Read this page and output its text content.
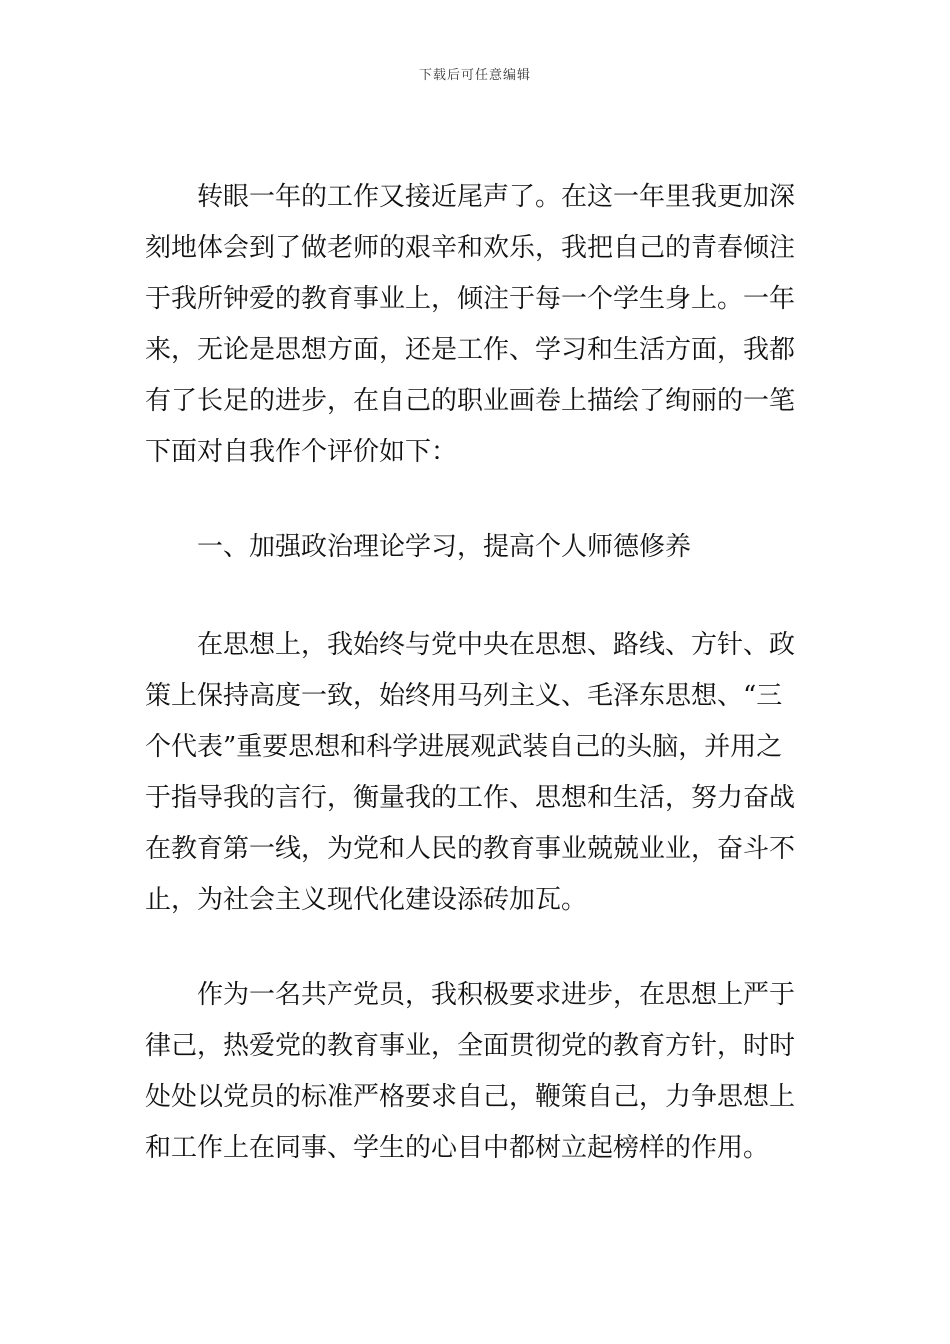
下载后可任意编辑
转眼一年的工作又接近尾声了。在这一年里我更加深
刻地体会到了做老师的艰辛和欢乐，我把自己的青春倾注
于我所钟爱的教育事业上，倾注于每一个学生身上。一年
来，无论是思想方面，还是工作、学习和生活方面，我都
有了长足的进步，在自己的职业画卷上描绘了绚丽的一笔
下面对自我作个评价如下：
一、加强政治理论学习，提高个人师德修养
在思想上，我始终与党中央在思想、路线、方针、政
策上保持高度一致，始终用马列主义、毛泽东思想、“三
个代表”重要思想和科学进展观武装自己的头脑，并用之
于指导我的言行，衡量我的工作、思想和生活，努力奋战
在教育第一线，为党和人民的教育事业兢兢业业，奋斗不
止，为社会主义现代化建设添砖加瓦。
作为一名共产党员，我积极要求进步，在思想上严于
律己，热爱党的教育事业，全面贯彻党的教育方针，时时
处处以党员的标准严格要求自己，鞭策自己，力争思想上
和工作上在同事、学生的心目中都树立起榜样的作用。
